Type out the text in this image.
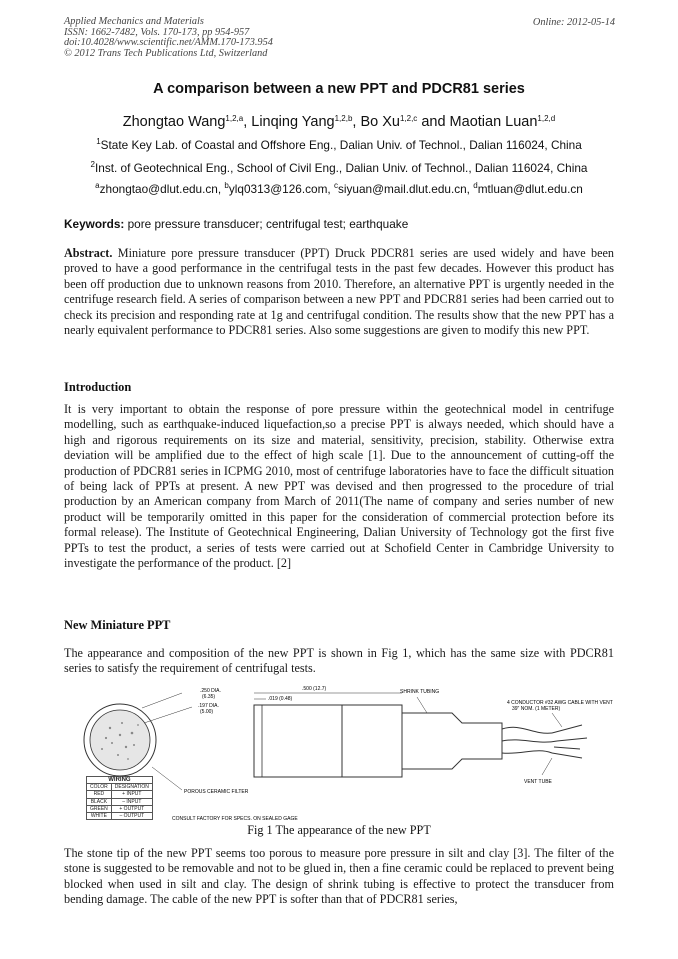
Applied Mechanics and Materials
ISSN: 1662-7482, Vols. 170-173, pp 954-957
doi:10.4028/www.scientific.net/AMM.170-173.954
© 2012 Trans Tech Publications Ltd, Switzerland
Online: 2012-05-14
A comparison between a new PPT and PDCR81 series
Zhongtao Wang$^{1,2,a}$, Linqing Yang$^{1,2,b}$, Bo Xu$^{1,2,c}$ and Maotian Luan$^{1,2,d}$
$^1$State Key Lab. of Coastal and Offshore Eng., Dalian Univ. of Technol., Dalian 116024, China
$^2$Inst. of Geotechnical Eng., School of Civil Eng., Dalian Univ. of Technol., Dalian 116024, China
$^a$zhongtao@dlut.edu.cn, $^b$ylq0313@126.com, $^c$siyuan@mail.dlut.edu.cn, $^d$mtluan@dlut.edu.cn
Keywords: pore pressure transducer; centrifugal test; earthquake
Abstract. Miniature pore pressure transducer (PPT) Druck PDCR81 series are used widely and have been proved to have a good performance in the centrifugal tests in the past few decades. However this product has been off production due to unknown reasons from 2010. Therefore, an alternative PPT is urgently needed in the centrifuge research field. A series of comparison between a new PPT and PDCR81 series had been carried out to check its precision and responding rate at 1g and centrifugal condition. The results show that the new PPT has a nearly equivalent performance to PDCR81 series. Also some suggestions are given to modify this new PPT.
Introduction
It is very important to obtain the response of pore pressure within the geotechnical model in centrifuge modelling, such as earthquake-induced liquefaction,so a precise PPT is always needed, which should have a high and rigorous requirements on its size and material, sensitivity, precision, stability. Otherwise extra deviation will be amplified due to the effect of high scale [1]. Due to the announcement of cutting-off the production of PDCR81 series in ICPMG 2010, most of centrifuge laboratories have to face the difficult situation of being lack of PPTs at present. A new PPT was devised and then progressed to the procedure of trial production by an American company from March of 2011(The name of company and series number of new product will be temporarily omitted in this paper for the consideration of commercial protection before its formal release). The Institute of Geotechnical Engineering, Dalian University of Technology got the first five PPTs to test the product, a series of tests were carried out at Schofield Center in Cambridge University to investigate the performance of the product. [2]
New Miniature PPT
The appearance and composition of the new PPT is shown in Fig 1, which has the same size with PDCR81 series to satisfy the requirement of centrifugal tests.
.250 DIA.
(6.35)
.197 DIA.
(5.00)
POROUS CERAMIC FILTER
.500 (12.7)
.019 (0.48)
SHRINK TUBING
4 CONDUCTOR #32 AWG CABLE WITH VENT
39" NOM. (1 METER)
VENT TUBE
CONSULT FACTORY FOR SPECS. ON SEALED GAGE
WIRING	
COLOR	DESIGNATION
RED	+ INPUT
BLACK	– INPUT
GREEN	+ OUTPUT
WHITE	– OUTPUT
Fig 1 The appearance of the new PPT
The stone tip of the new PPT seems too porous to measure pore pressure in silt and clay [3]. The filter of the stone is suggested to be removable and not to be glued in, then a fine ceramic could be replaced to prevent being blocked when used in silt and clay. The design of shrink tubing is effective to protect the transducer from bending damage. The cable of the new PPT is softer than that of PDCR81 series,
